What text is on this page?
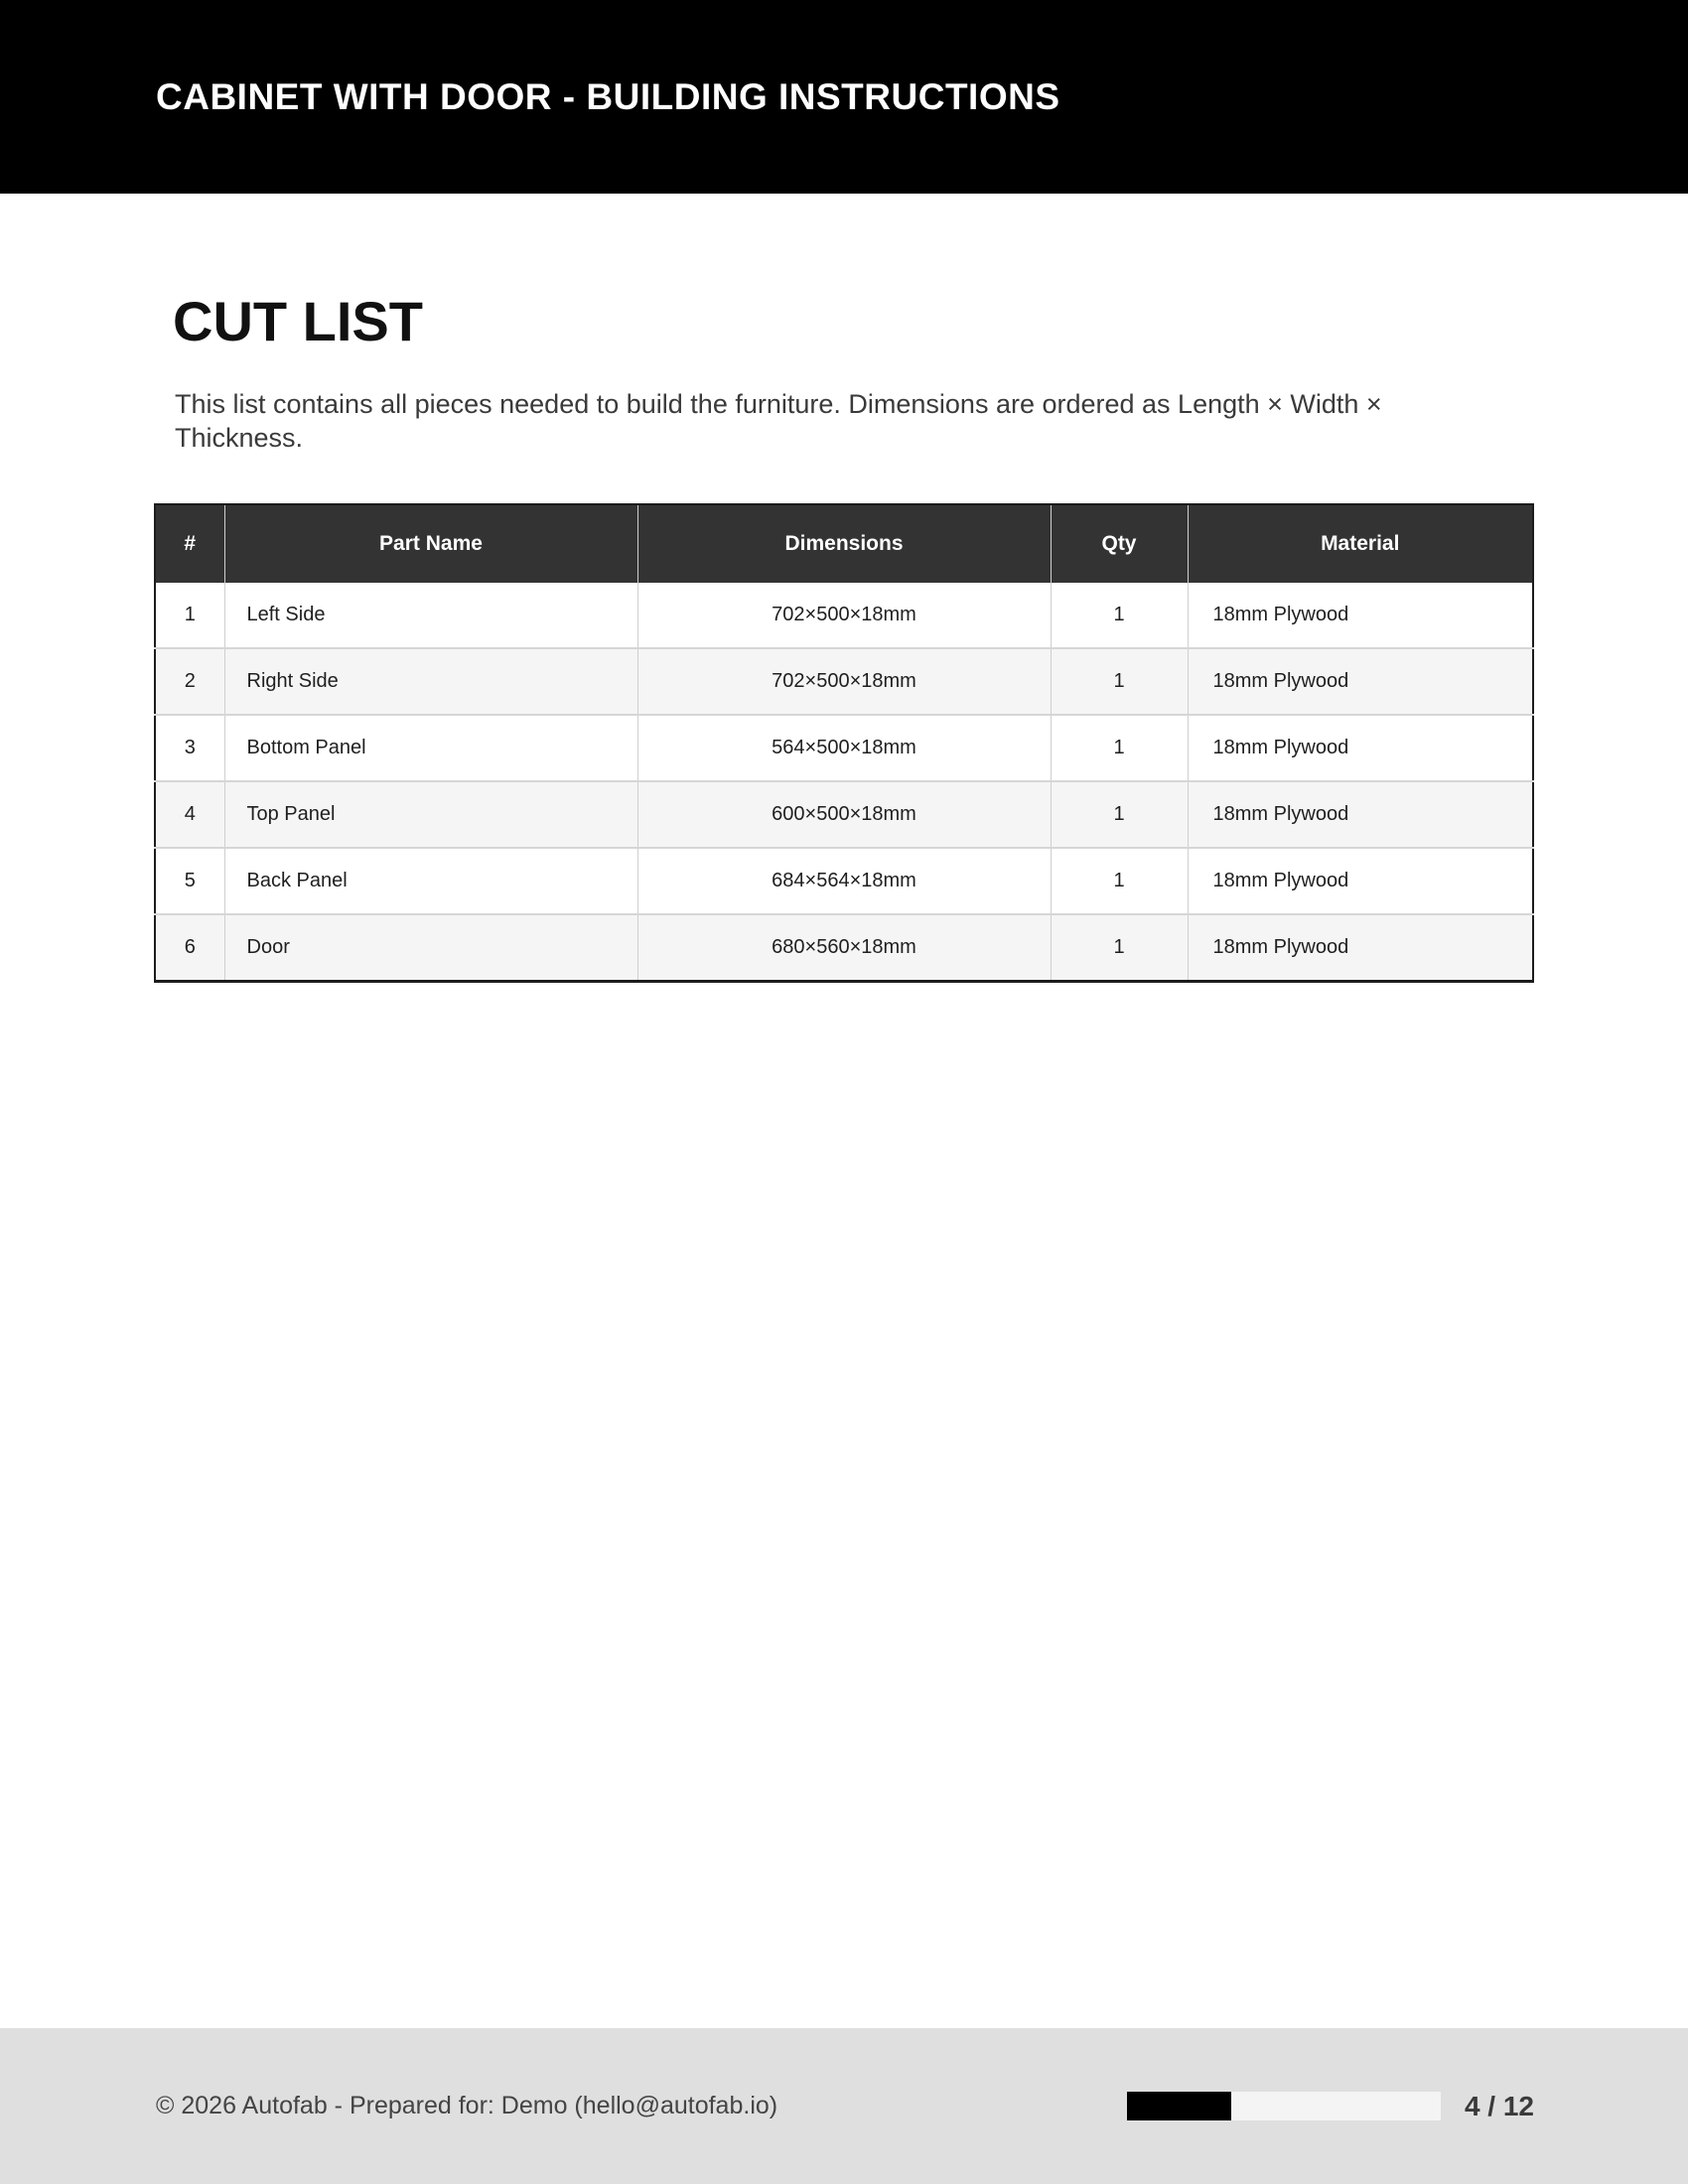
CABINET WITH DOOR - BUILDING INSTRUCTIONS
CUT LIST
This list contains all pieces needed to build the furniture. Dimensions are ordered as Length × Width ×
Thickness.
#	Part Name	Dimensions	Qty	Material
1	Left Side	702×500×18mm	1	18mm Plywood
2	Right Side	702×500×18mm	1	18mm Plywood
3	Bottom Panel	564×500×18mm	1	18mm Plywood
4	Top Panel	600×500×18mm	1	18mm Plywood
5	Back Panel	684×564×18mm	1	18mm Plywood
6	Door	680×560×18mm	1	18mm Plywood
© 2026 Autofab - Prepared for: Demo (hello@autofab.io)	4 / 12
